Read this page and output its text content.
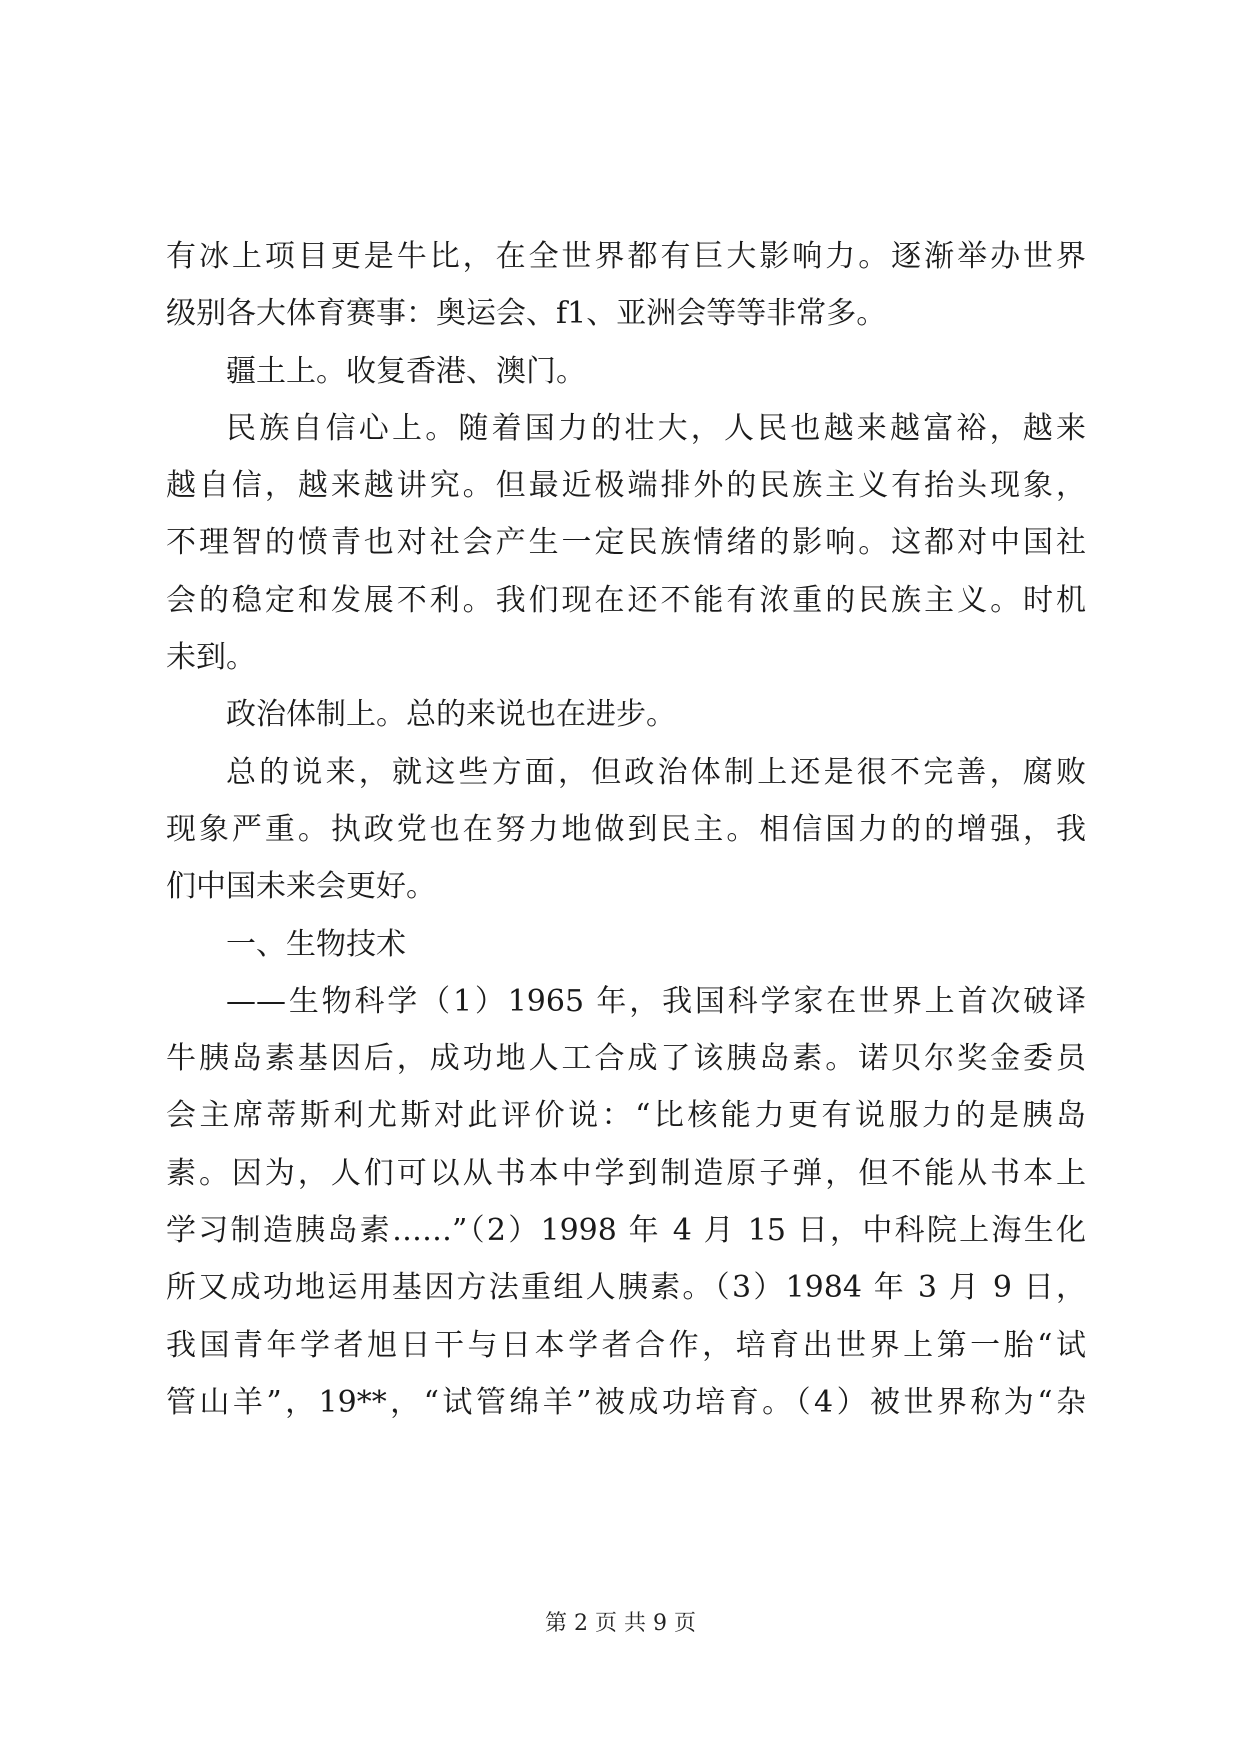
有冰上项目更是牛比，在全世界都有巨大影响力。逐渐举办世界
级别各大体育赛事：奥运会、f1、亚洲会等等非常多。
疆土上。收复香港、澳门。
民族自信心上。随着国力的壮大，人民也越来越富裕，越来
越自信，越来越讲究。但最近极端排外的民族主义有抬头现象，
不理智的愤青也对社会产生一定民族情绪的影响。这都对中国社
会的稳定和发展不利。我们现在还不能有浓重的民族主义。时机
未到。
政治体制上。总的来说也在进步。
总的说来，就这些方面，但政治体制上还是很不完善，腐败
现象严重。执政党也在努力地做到民主。相信国力的的增强，我
们中国未来会更好。
一、生物技术
——生物科学（1）1965 年，我国科学家在世界上首次破译
牛胰岛素基因后，成功地人工合成了该胰岛素。诺贝尔奖金委员
会主席蒂斯利尤斯对此评价说：“比核能力更有说服力的是胰岛
素。因为，人们可以从书本中学到制造原子弹，但不能从书本上
学习制造胰岛素……”（2）1998 年 4 月 15 日，中科院上海生化
所又成功地运用基因方法重组人胰素。（3）1984 年 3 月 9 日，
我国青年学者旭日干与日本学者合作，培育出世界上第一胎“试
管山羊”，19**，“试管绵羊”被成功培育。（4）被世界称为“杂
第 2 页 共 9 页
